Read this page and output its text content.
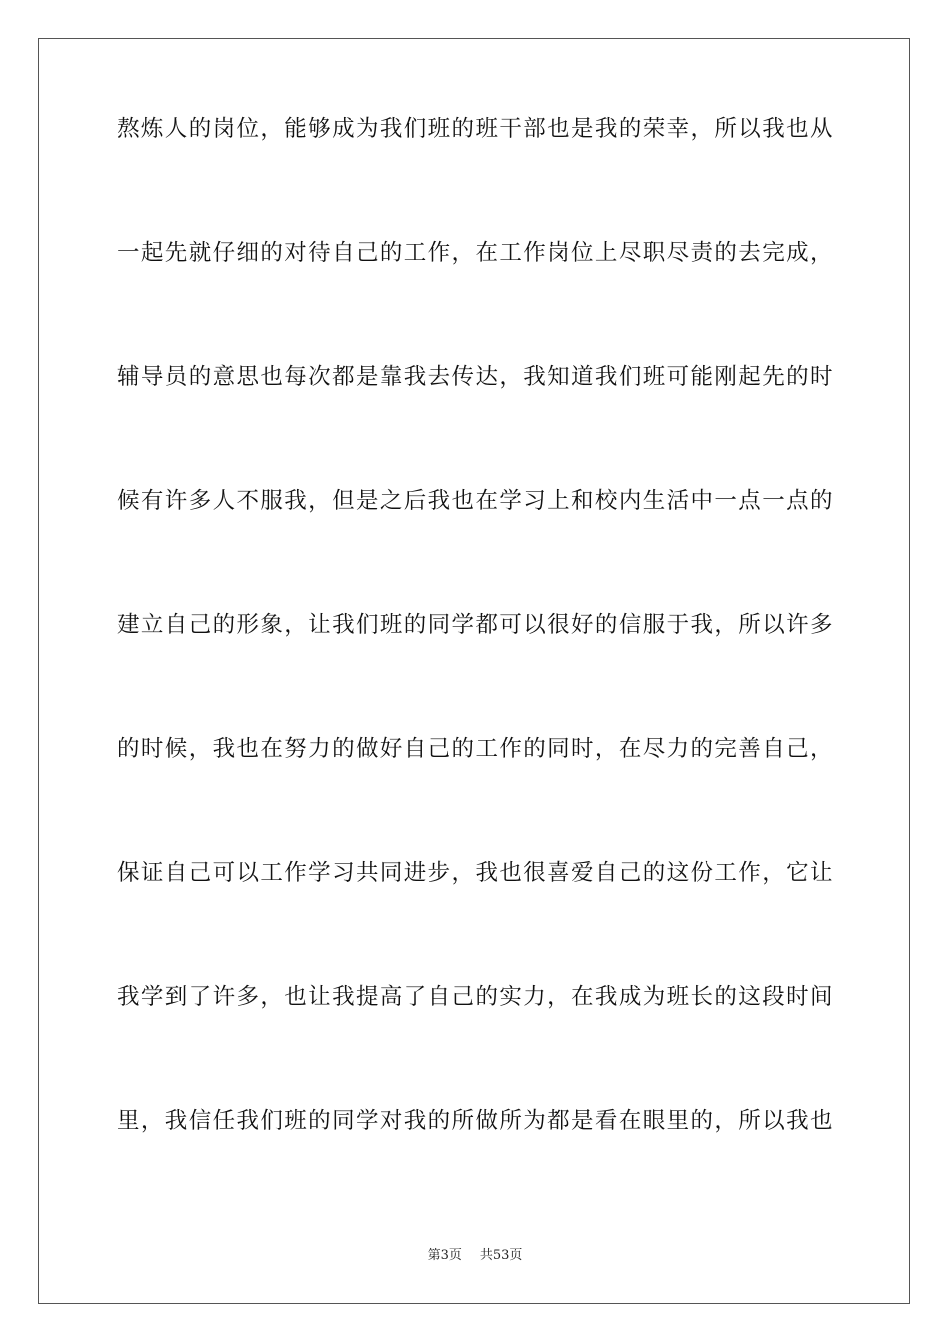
熬炼人的岗位，能够成为我们班的班干部也是我的荣幸，所以我也从
一起先就仔细的对待自己的工作，在工作岗位上尽职尽责的去完成，
辅导员的意思也每次都是靠我去传达，我知道我们班可能刚起先的时
候有许多人不服我，但是之后我也在学习上和校内生活中一点一点的
建立自己的形象，让我们班的同学都可以很好的信服于我，所以许多
的时候，我也在努力的做好自己的工作的同时，在尽力的完善自己，
保证自己可以工作学习共同进步，我也很喜爱自己的这份工作，它让
我学到了许多，也让我提高了自己的实力，在我成为班长的这段时间
里，我信任我们班的同学对我的所做所为都是看在眼里的，所以我也
第3页 共53页
